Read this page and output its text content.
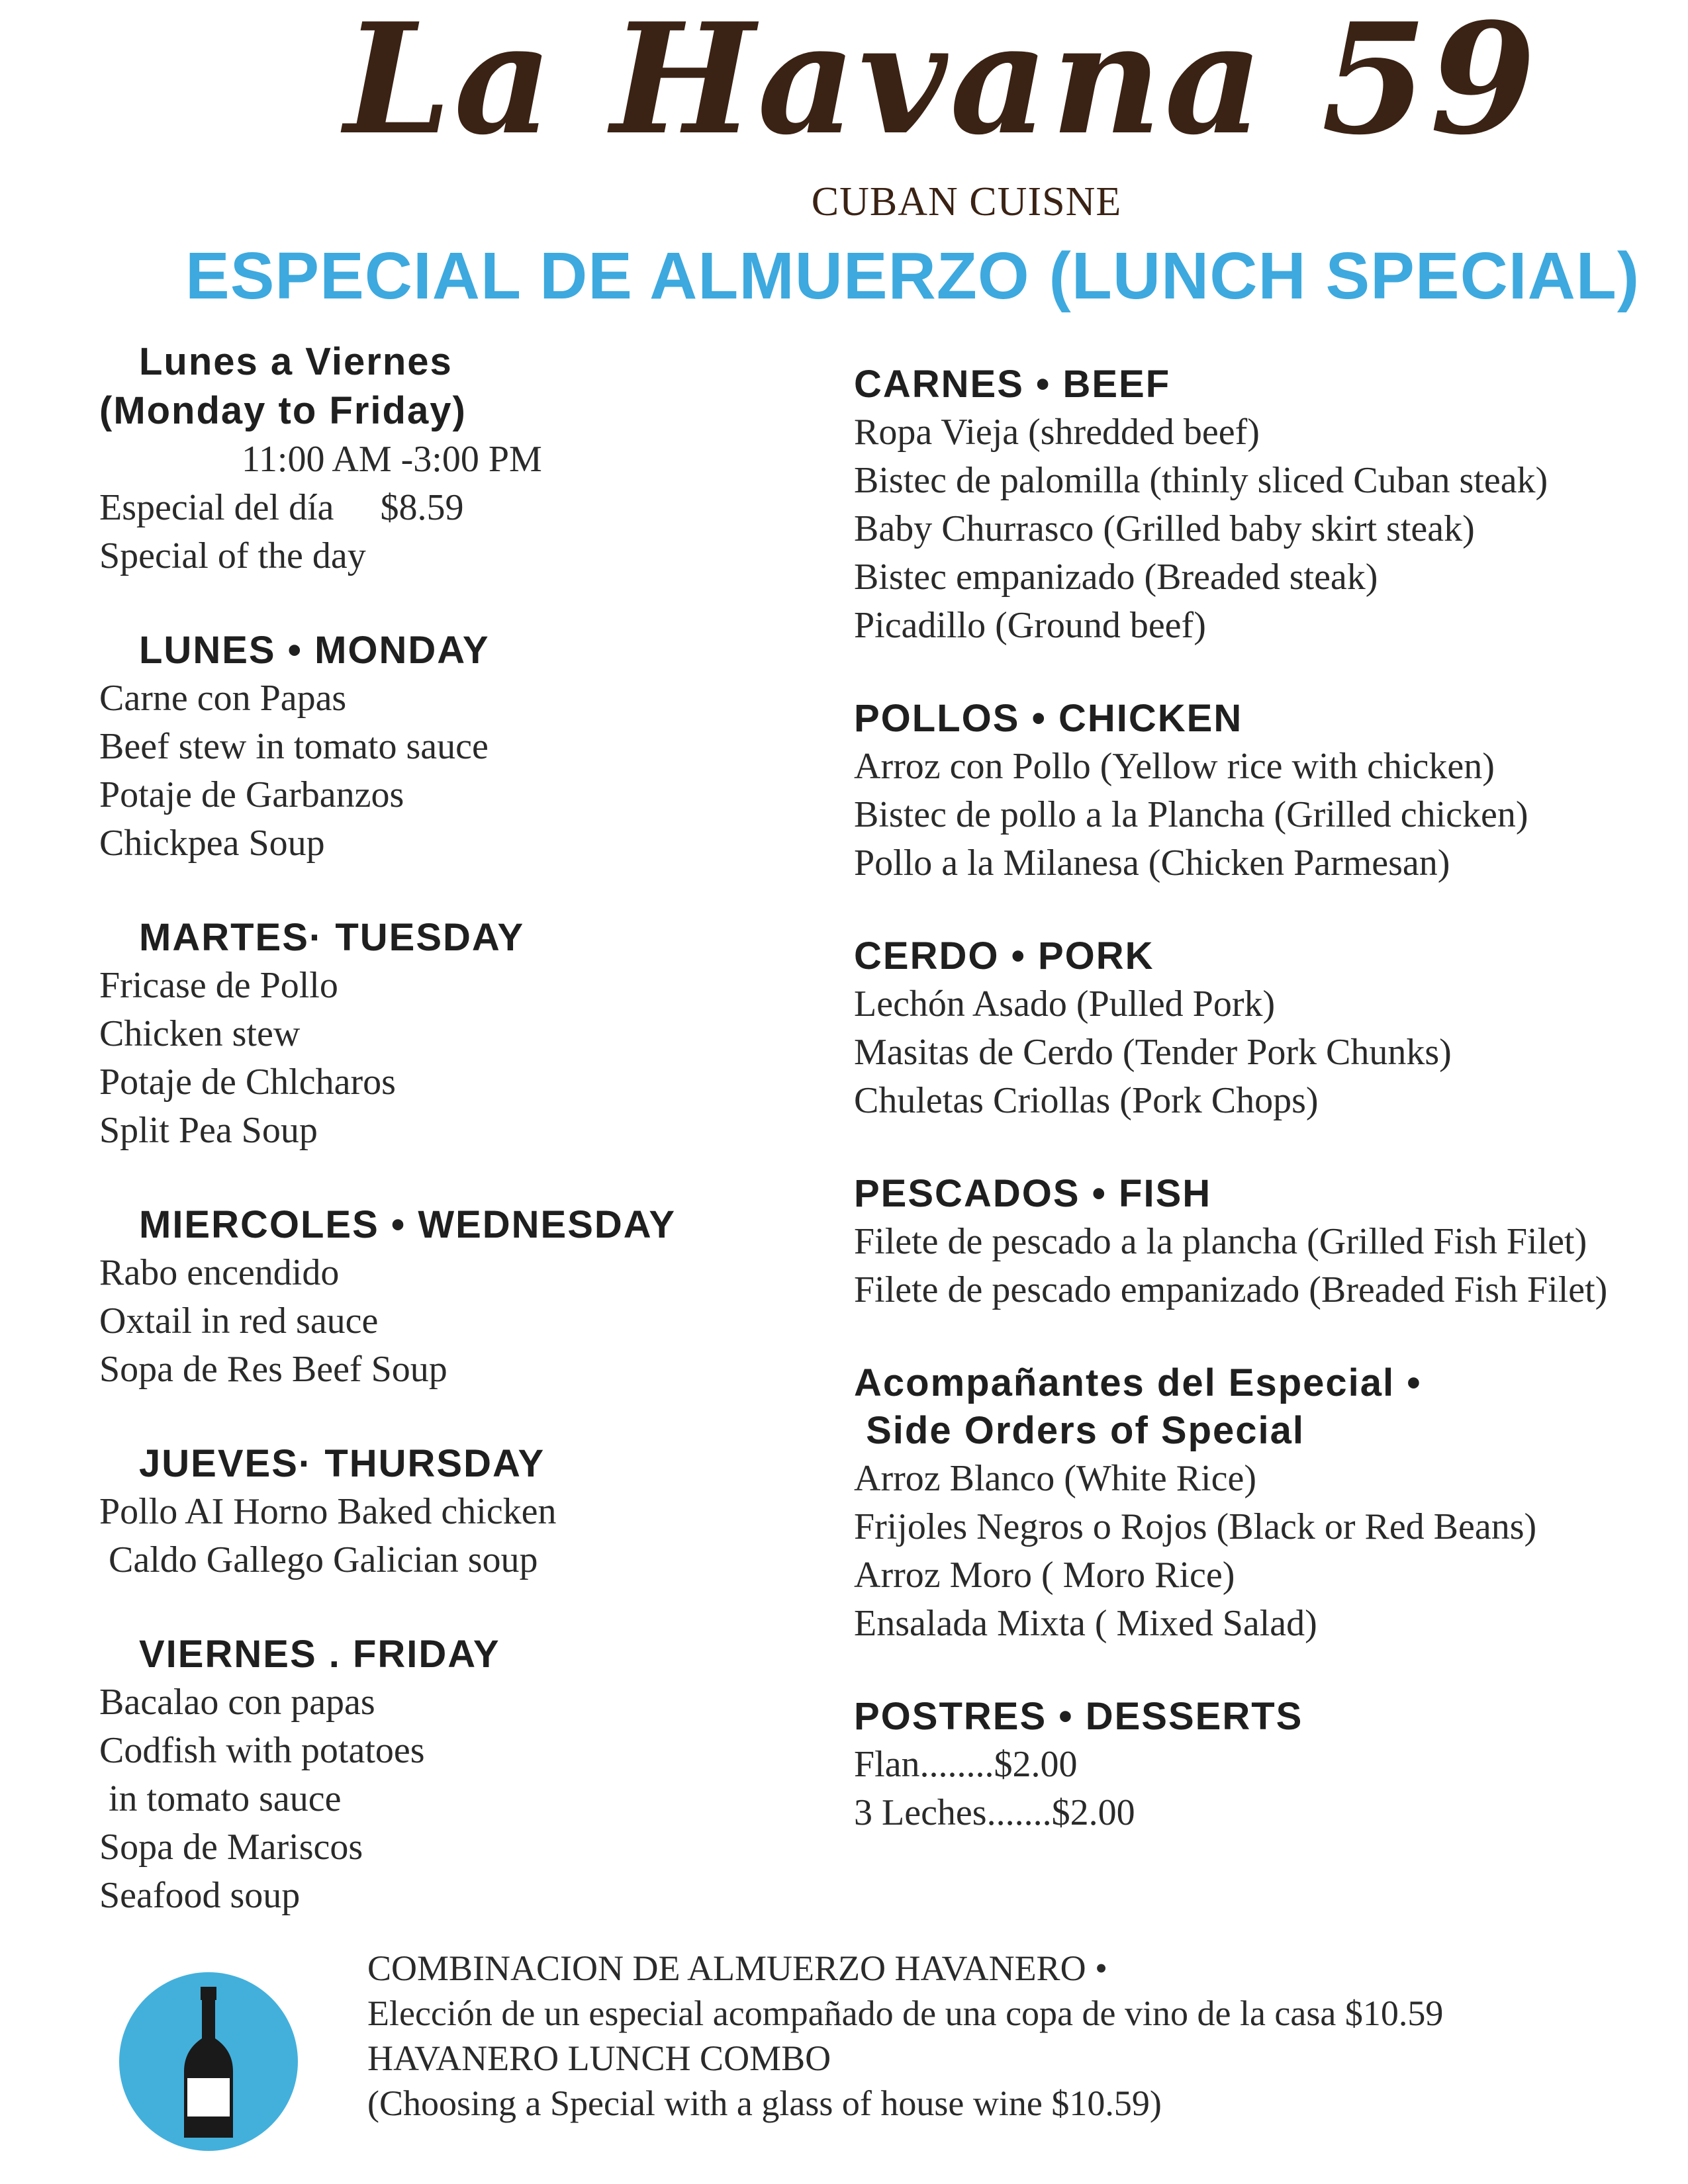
La Havana 59
CUBAN CUISNE
ESPECIAL DE ALMUERZO (LUNCH SPECIAL)
Lunes a Viernes
(Monday to Friday)
11:00 AM -3:00 PM
Especial del día $8.59
Special of the day
LUNES • MONDAY
Carne con Papas
Beef stew in tomato sauce
Potaje de Garbanzos
Chickpea Soup
MARTES· TUESDAY
Fricase de Pollo
Chicken stew
Potaje de Chlcharos
Split Pea Soup
MIERCOLES • WEDNESDAY
Rabo encendido
Oxtail in red sauce
Sopa de Res Beef Soup
JUEVES· THURSDAY
Pollo AI Horno Baked chicken
Caldo Gallego Galician soup
VIERNES . FRIDAY
Bacalao con papas
Codfish with potatoes
in tomato sauce
Sopa de Mariscos
Seafood soup
CARNES • BEEF
Ropa Vieja (shredded beef)
Bistec de palomilla (thinly sliced Cuban steak)
Baby Churrasco (Grilled baby skirt steak)
Bistec empanizado (Breaded steak)
Picadillo (Ground beef)
POLLOS • CHICKEN
Arroz con Pollo (Yellow rice with chicken)
Bistec de pollo a la Plancha (Grilled chicken)
Pollo a la Milanesa (Chicken Parmesan)
CERDO • PORK
Lechón Asado (Pulled Pork)
Masitas de Cerdo (Tender Pork Chunks)
Chuletas Criollas (Pork Chops)
PESCADOS • FISH
Filete de pescado a la plancha (Grilled Fish Filet)
Filete de pescado empanizado (Breaded Fish Filet)
Acompañantes del Especial •
Side Orders of Special
Arroz Blanco (White Rice)
Frijoles Negros o Rojos (Black or Red Beans)
Arroz Moro ( Moro Rice)
Ensalada Mixta ( Mixed Salad)
POSTRES • DESSERTS
Flan........$2.00
3 Leches.......$2.00
COMBINACION DE ALMUERZO HAVANERO •
Elección de un especial acompañado de una copa de vino de la casa $10.59
HAVANERO LUNCH COMBO
(Choosing a Special with a glass of house wine $10.59)
